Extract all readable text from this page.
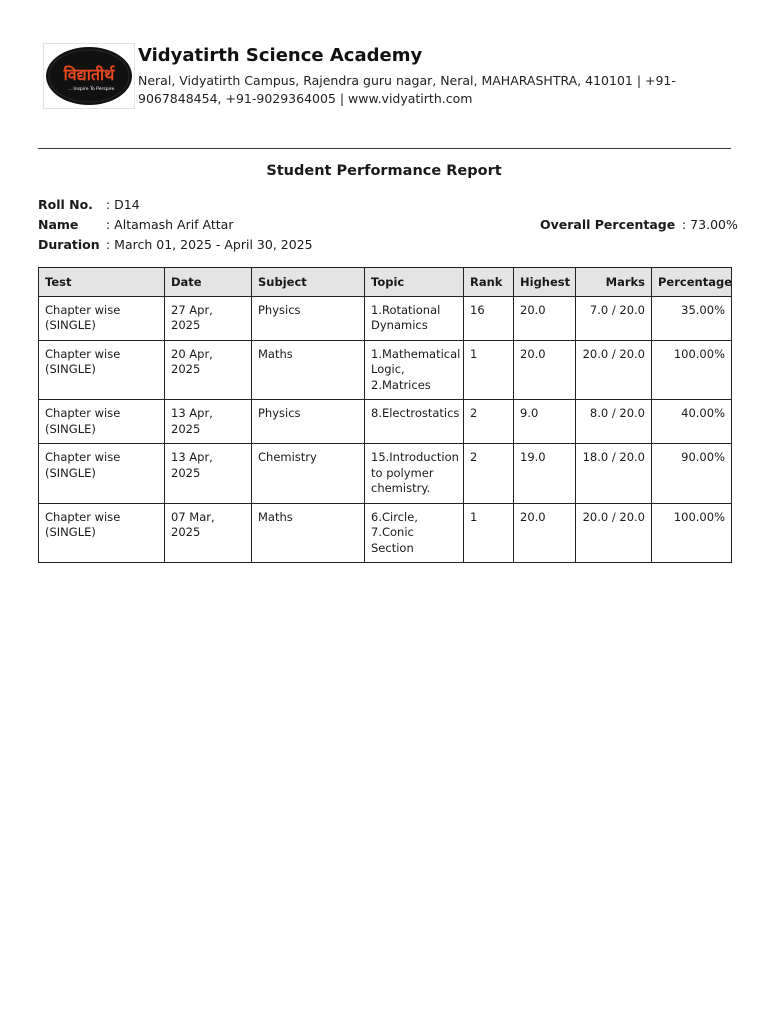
विद्यातीर्थ
... Inspire To Perspire
Vidyatirth Science Academy
Neral, Vidyatirth Campus, Rajendra guru nagar, Neral, MAHARASHTRA, 410101 | +91-9067848454, +91-9029364005 | www.vidyatirth.com
Student Performance Report
Roll No.	: D14
Name	: Altamash Arif Attar
Duration : March 01, 2025 - April 30, 2025
Overall Percentage : 73.00%
Test	Date	Subject	Topic	Rank	Highest	Marks	Percentage
Chapter wise (SINGLE)	27 Apr, 2025	Physics	1.Rotational Dynamics	16	20.0	7.0 / 20.0	35.00%
Chapter wise (SINGLE)	20 Apr, 2025	Maths	1.Mathematical Logic, 2.Matrices	1	20.0	20.0 / 20.0	100.00%
Chapter wise (SINGLE)	13 Apr, 2025	Physics	8.Electrostatics	2	9.0	8.0 / 20.0	40.00%
Chapter wise (SINGLE)	13 Apr, 2025	Chemistry	15.Introduction to polymer chemistry.	2	19.0	18.0 / 20.0	90.00%
Chapter wise (SINGLE)	07 Mar, 2025	Maths	6.Circle, 7.Conic Section	1	20.0	20.0 / 20.0	100.00%
